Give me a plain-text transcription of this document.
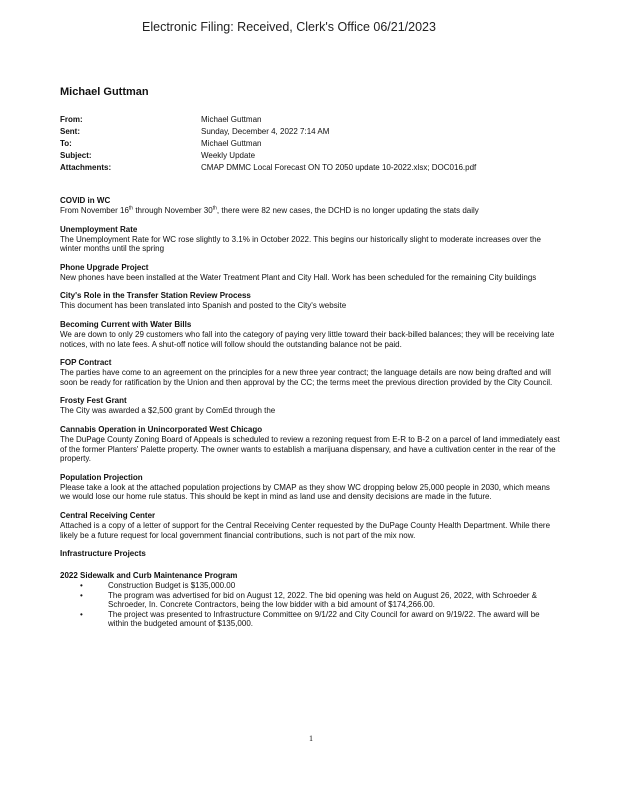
Electronic Filing: Received, Clerk's Office 06/21/2023
Michael Guttman
From:	Michael Guttman
Sent:	Sunday, December 4, 2022 7:14 AM
To:	Michael Guttman
Subject:	Weekly Update
Attachments:	CMAP DMMC Local Forecast ON TO 2050 update 10-2022.xlsx; DOC016.pdf
COVID in WC

From November 16th through November 30th, there were 82 new cases, the DCHD is no longer updating the stats daily

Unemployment Rate

The Unemployment Rate for WC rose slightly to 3.1% in October 2022. This begins our historically slight to moderate increases over the winter months until the spring

Phone Upgrade Project

New phones have been installed at the Water Treatment Plant and City Hall. Work has been scheduled for the remaining City buildings

City's Role in the Transfer Station Review Process

This document has been translated into Spanish and posted to the City's website

Becoming Current with Water Bills

We are down to only 29 customers who fall into the category of paying very little toward their back-billed balances; they will be receiving late notices, with no late fees. A shut-off notice will follow should the outstanding balance not be paid.

FOP Contract

The parties have come to an agreement on the principles for a new three year contract; the language details are now being drafted and will soon be ready for ratification by the Union and then approval by the CC; the terms meet the previous direction provided by the City Council.

Frosty Fest Grant

The City was awarded a $2,500 grant by ComEd through the

Cannabis Operation in Unincorporated West Chicago

The DuPage County Zoning Board of Appeals is scheduled to review a rezoning request from E-R to B-2 on a parcel of land immediately east of the former Planters' Palette property. The owner wants to establish a marijuana dispensary, and have a cultivation center in the rear of the property.

Population Projection

Please take a look at the attached population projections by CMAP as they show WC dropping below 25,000 people in 2030, which means we would lose our home rule status. This should be kept in mind as land use and density decisions are made in the future.

Central Receiving Center

Attached is a copy of a letter of support for the Central Receiving Center requested by the DuPage County Health Department. While there likely be a future request for local government financial contributions, such is not part of the mix now.

Infrastructure Projects

2022 Sidewalk and Curb Maintenance Program

• Construction Budget is $135,000.00
• The program was advertised for bid on August 12, 2022. The bid opening was held on August 26, 2022, with Schroeder & Schroeder, In. Concrete Contractors, being the low bidder with a bid amount of $174,266.00.
• The project was presented to Infrastructure Committee on 9/1/22 and City Council for award on 9/19/22. The award will be within the budgeted amount of $135,000.
1
